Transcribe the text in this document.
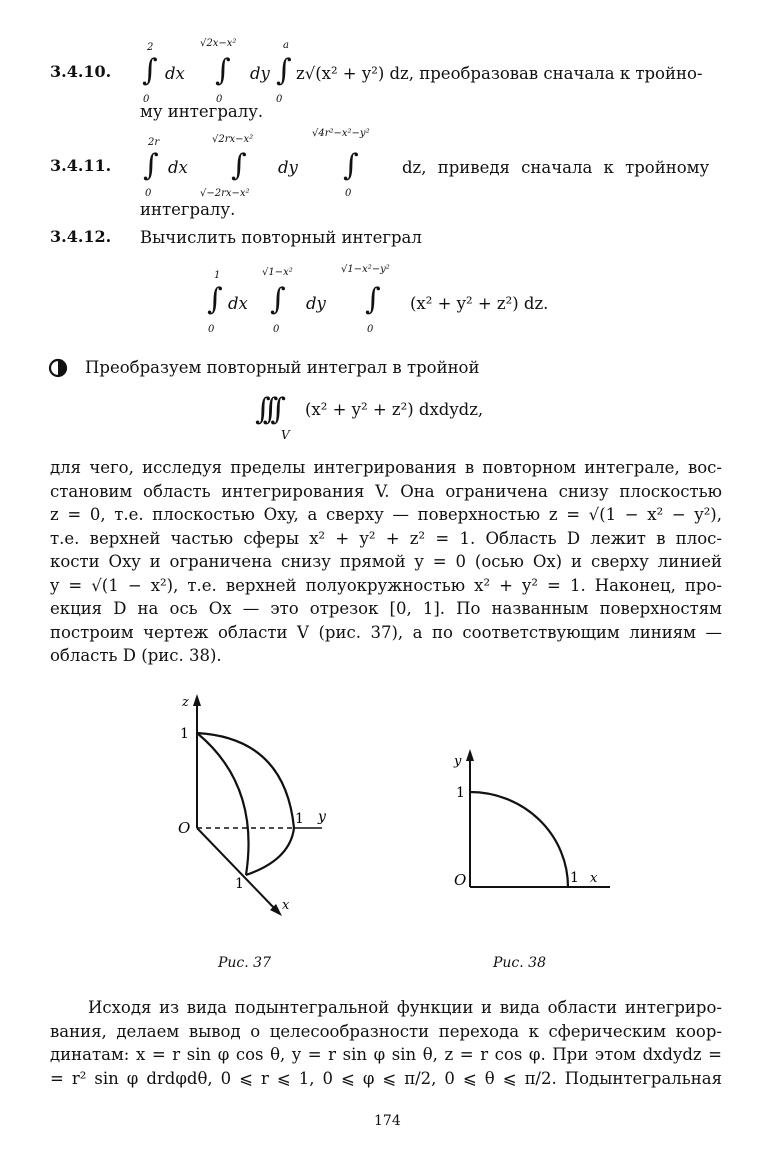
3.4.10.
2
∫
0
dx
√2x−x²
∫
0
dy
a
∫
0
z√(x² + y²) dz, преобразовав сначала к тройно-
му интегралу.
3.4.11.
2r
∫
0
dx
√2rx−x²
∫
√−2rx−x²
dy
√4r²−x²−y²
∫
0
dz, приведя сначала к тройному
интегралу.
3.4.12. Вычислить повторный интеграл
1
∫
0
dx
√1−x²
∫
0
dy
√1−x²−y²
∫
0
(x² + y² + z²) dz.
Преобразуем повторный интеграл в тройной
∫∫∫ (x² + y² + z²) dxdydz,
V
для чего, исследуя пределы интегрирования в повторном интеграле, вос-
становим область интегрирования V. Она ограничена снизу плоскостью
z = 0, т.е. плоскостью Oxy, а сверху — поверхностью z = √(1 − x² − y²),
т.е. верхней частью сферы x² + y² + z² = 1. Область D лежит в плос-
кости Oxy и ограничена снизу прямой y = 0 (осью Ox) и сверху линией
y = √(1 − x²), т.е. верхней полуокружностью x² + y² = 1. Наконец, про-
екция D на ось Ox — это отрезок [0, 1]. По названным поверхностям
построим чертеж области V (рис. 37), а по соответствующим линиям —
область D (рис. 38).
z
1
O	1 y
1
x
Рис. 37
y
1
O	1 x
Рис. 38
Исходя из вида подынтегральной функции и вида области интегриро-
вания, делаем вывод о целесообразности перехода к сферическим коор-
динатам: x = r sin φ cos θ, y = r sin φ sin θ, z = r cos φ. При этом dxdydz =
= r² sin φ drdφdθ, 0 ⩽ r ⩽ 1, 0 ⩽ φ ⩽ π/2, 0 ⩽ θ ⩽ π/2. Подынтегральная
174
